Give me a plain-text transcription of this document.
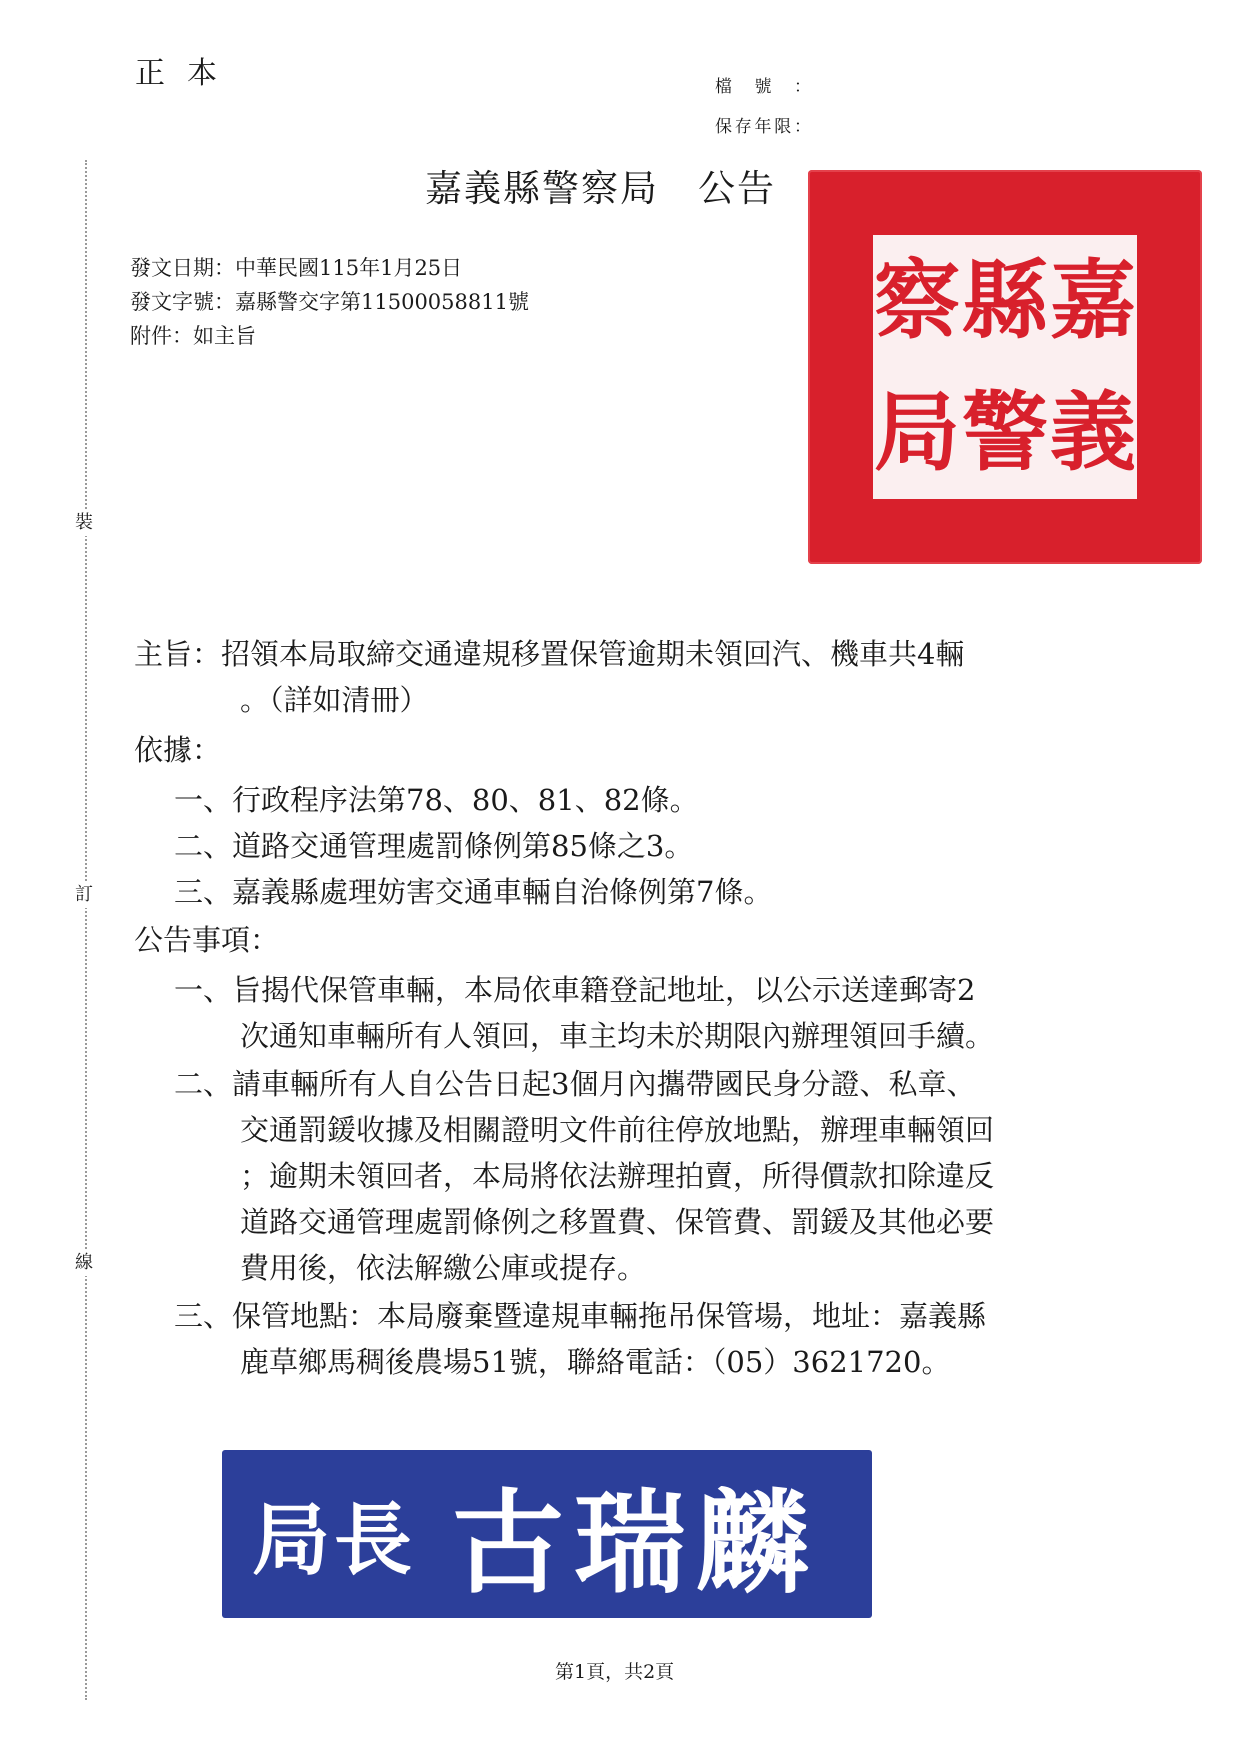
裝
訂
線
正本	檔號：
保存年限：
嘉義縣警察局　公告
嘉
義
縣
警
察
局
發文日期：中華民國115年1月25日
發文字號：嘉縣警交字第11500058811號
附件：如主旨
主旨：招領本局取締交通違規移置保管逾期未領回汽、機車共4輛
。（詳如清冊）
依據：
一、行政程序法第78、80、81、82條。
二、道路交通管理處罰條例第85條之3。
三、嘉義縣處理妨害交通車輛自治條例第7條。
公告事項：
一、旨揭代保管車輛，本局依車籍登記地址，以公示送達郵寄2
次通知車輛所有人領回，車主均未於期限內辦理領回手續。
二、請車輛所有人自公告日起3個月內攜帶國民身分證、私章、
交通罰鍰收據及相關證明文件前往停放地點，辦理車輛領回
；逾期未領回者，本局將依法辦理拍賣，所得價款扣除違反
道路交通管理處罰條例之移置費、保管費、罰鍰及其他必要
費用後，依法解繳公庫或提存。
三、保管地點：本局廢棄暨違規車輛拖吊保管場，地址：嘉義縣
鹿草鄉馬稠後農場51號，聯絡電話：（05）3621720。
局長 古瑞麟
第1頁，共2頁
